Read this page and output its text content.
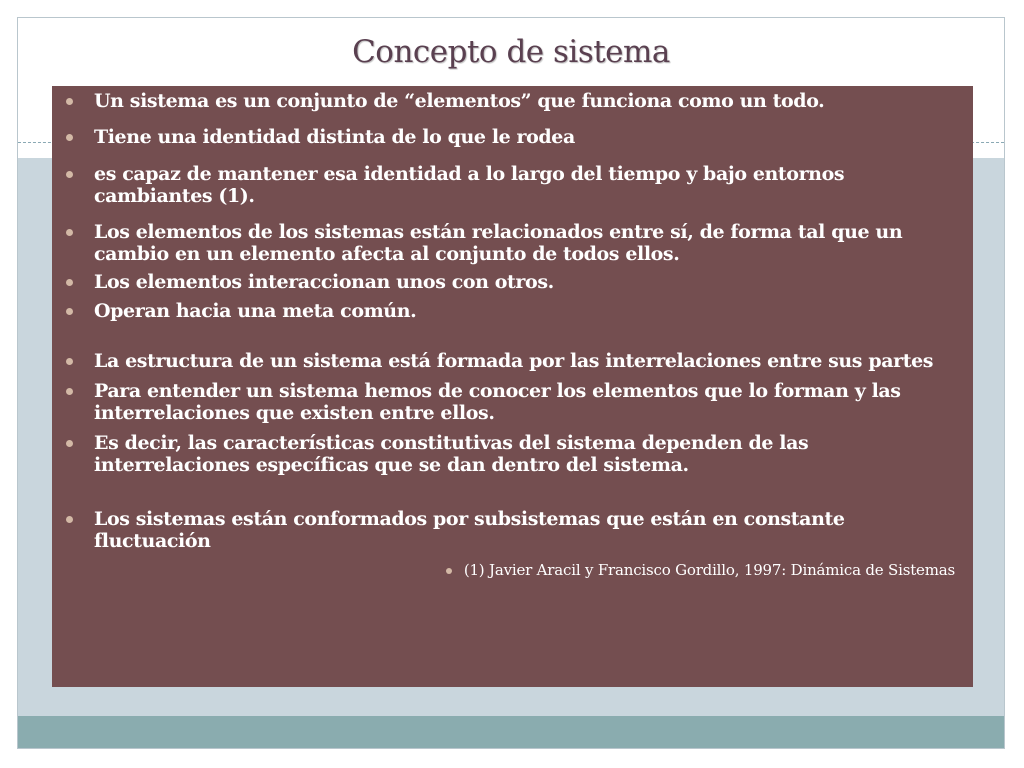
Concepto de sistema
Un sistema es un conjunto de “elementos” que funciona como un todo.
Tiene una identidad distinta de lo que le rodea
es capaz de mantener esa identidad a lo largo del tiempo y bajo entornos cambiantes (1).
Los elementos de los sistemas están relacionados entre sí, de forma tal que un cambio en un elemento afecta al conjunto de todos ellos.
Los elementos interaccionan unos con otros.
Operan hacia una meta común.
La estructura de un sistema está formada por las interrelaciones entre sus partes
Para entender un sistema hemos de conocer los elementos que lo forman y las interrelaciones que existen entre ellos.
Es decir, las características constitutivas del sistema dependen de las interrelaciones específicas que se dan dentro del sistema.
Los sistemas están conformados por subsistemas que están en constante fluctuación
(1) Javier Aracil y Francisco Gordillo, 1997: Dinámica de Sistemas
